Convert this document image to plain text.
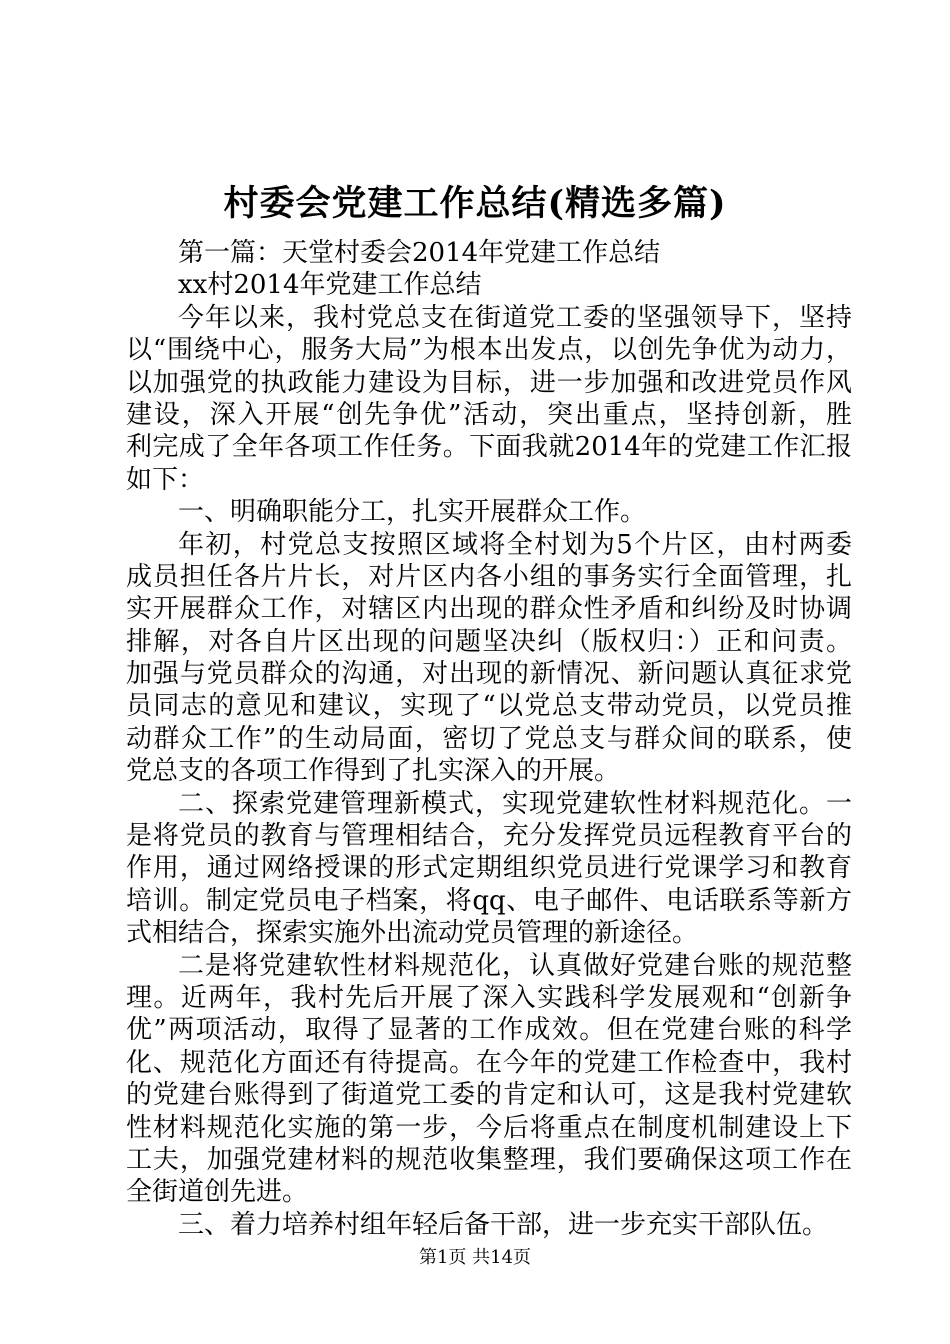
村委会党建工作总结(精选多篇)
第一篇：天堂村委会2014年党建工作总结
xx村2014年党建工作总结
今年以来，我村党总支在街道党工委的坚强领导下，坚持
以“围绕中心，服务大局”为根本出发点，以创先争优为动力，
以加强党的执政能力建设为目标，进一步加强和改进党员作风
建设，深入开展“创先争优”活动，突出重点，坚持创新，胜
利完成了全年各项工作任务。下面我就2014年的党建工作汇报
如下：
一、明确职能分工，扎实开展群众工作。
年初，村党总支按照区域将全村划为5个片区，由村两委
成员担任各片片长，对片区内各小组的事务实行全面管理，扎
实开展群众工作，对辖区内出现的群众性矛盾和纠纷及时协调
排解，对各自片区出现的问题坚决纠（版权归：）正和问责。
加强与党员群众的沟通，对出现的新情况、新问题认真征求党
员同志的意见和建议，实现了“以党总支带动党员，以党员推
动群众工作”的生动局面，密切了党总支与群众间的联系，使
党总支的各项工作得到了扎实深入的开展。
二、探索党建管理新模式，实现党建软性材料规范化。一
是将党员的教育与管理相结合，充分发挥党员远程教育平台的
作用，通过网络授课的形式定期组织党员进行党课学习和教育
培训。制定党员电子档案，将qq、电子邮件、电话联系等新方
式相结合，探索实施外出流动党员管理的新途径。
二是将党建软性材料规范化，认真做好党建台账的规范整
理。近两年，我村先后开展了深入实践科学发展观和“创新争
优”两项活动，取得了显著的工作成效。但在党建台账的科学
化、规范化方面还有待提高。在今年的党建工作检查中，我村
的党建台账得到了街道党工委的肯定和认可，这是我村党建软
性材料规范化实施的第一步，今后将重点在制度机制建设上下
工夫，加强党建材料的规范收集整理，我们要确保这项工作在
全街道创先进。
三、着力培养村组年轻后备干部，进一步充实干部队伍。
第1页 共14页
